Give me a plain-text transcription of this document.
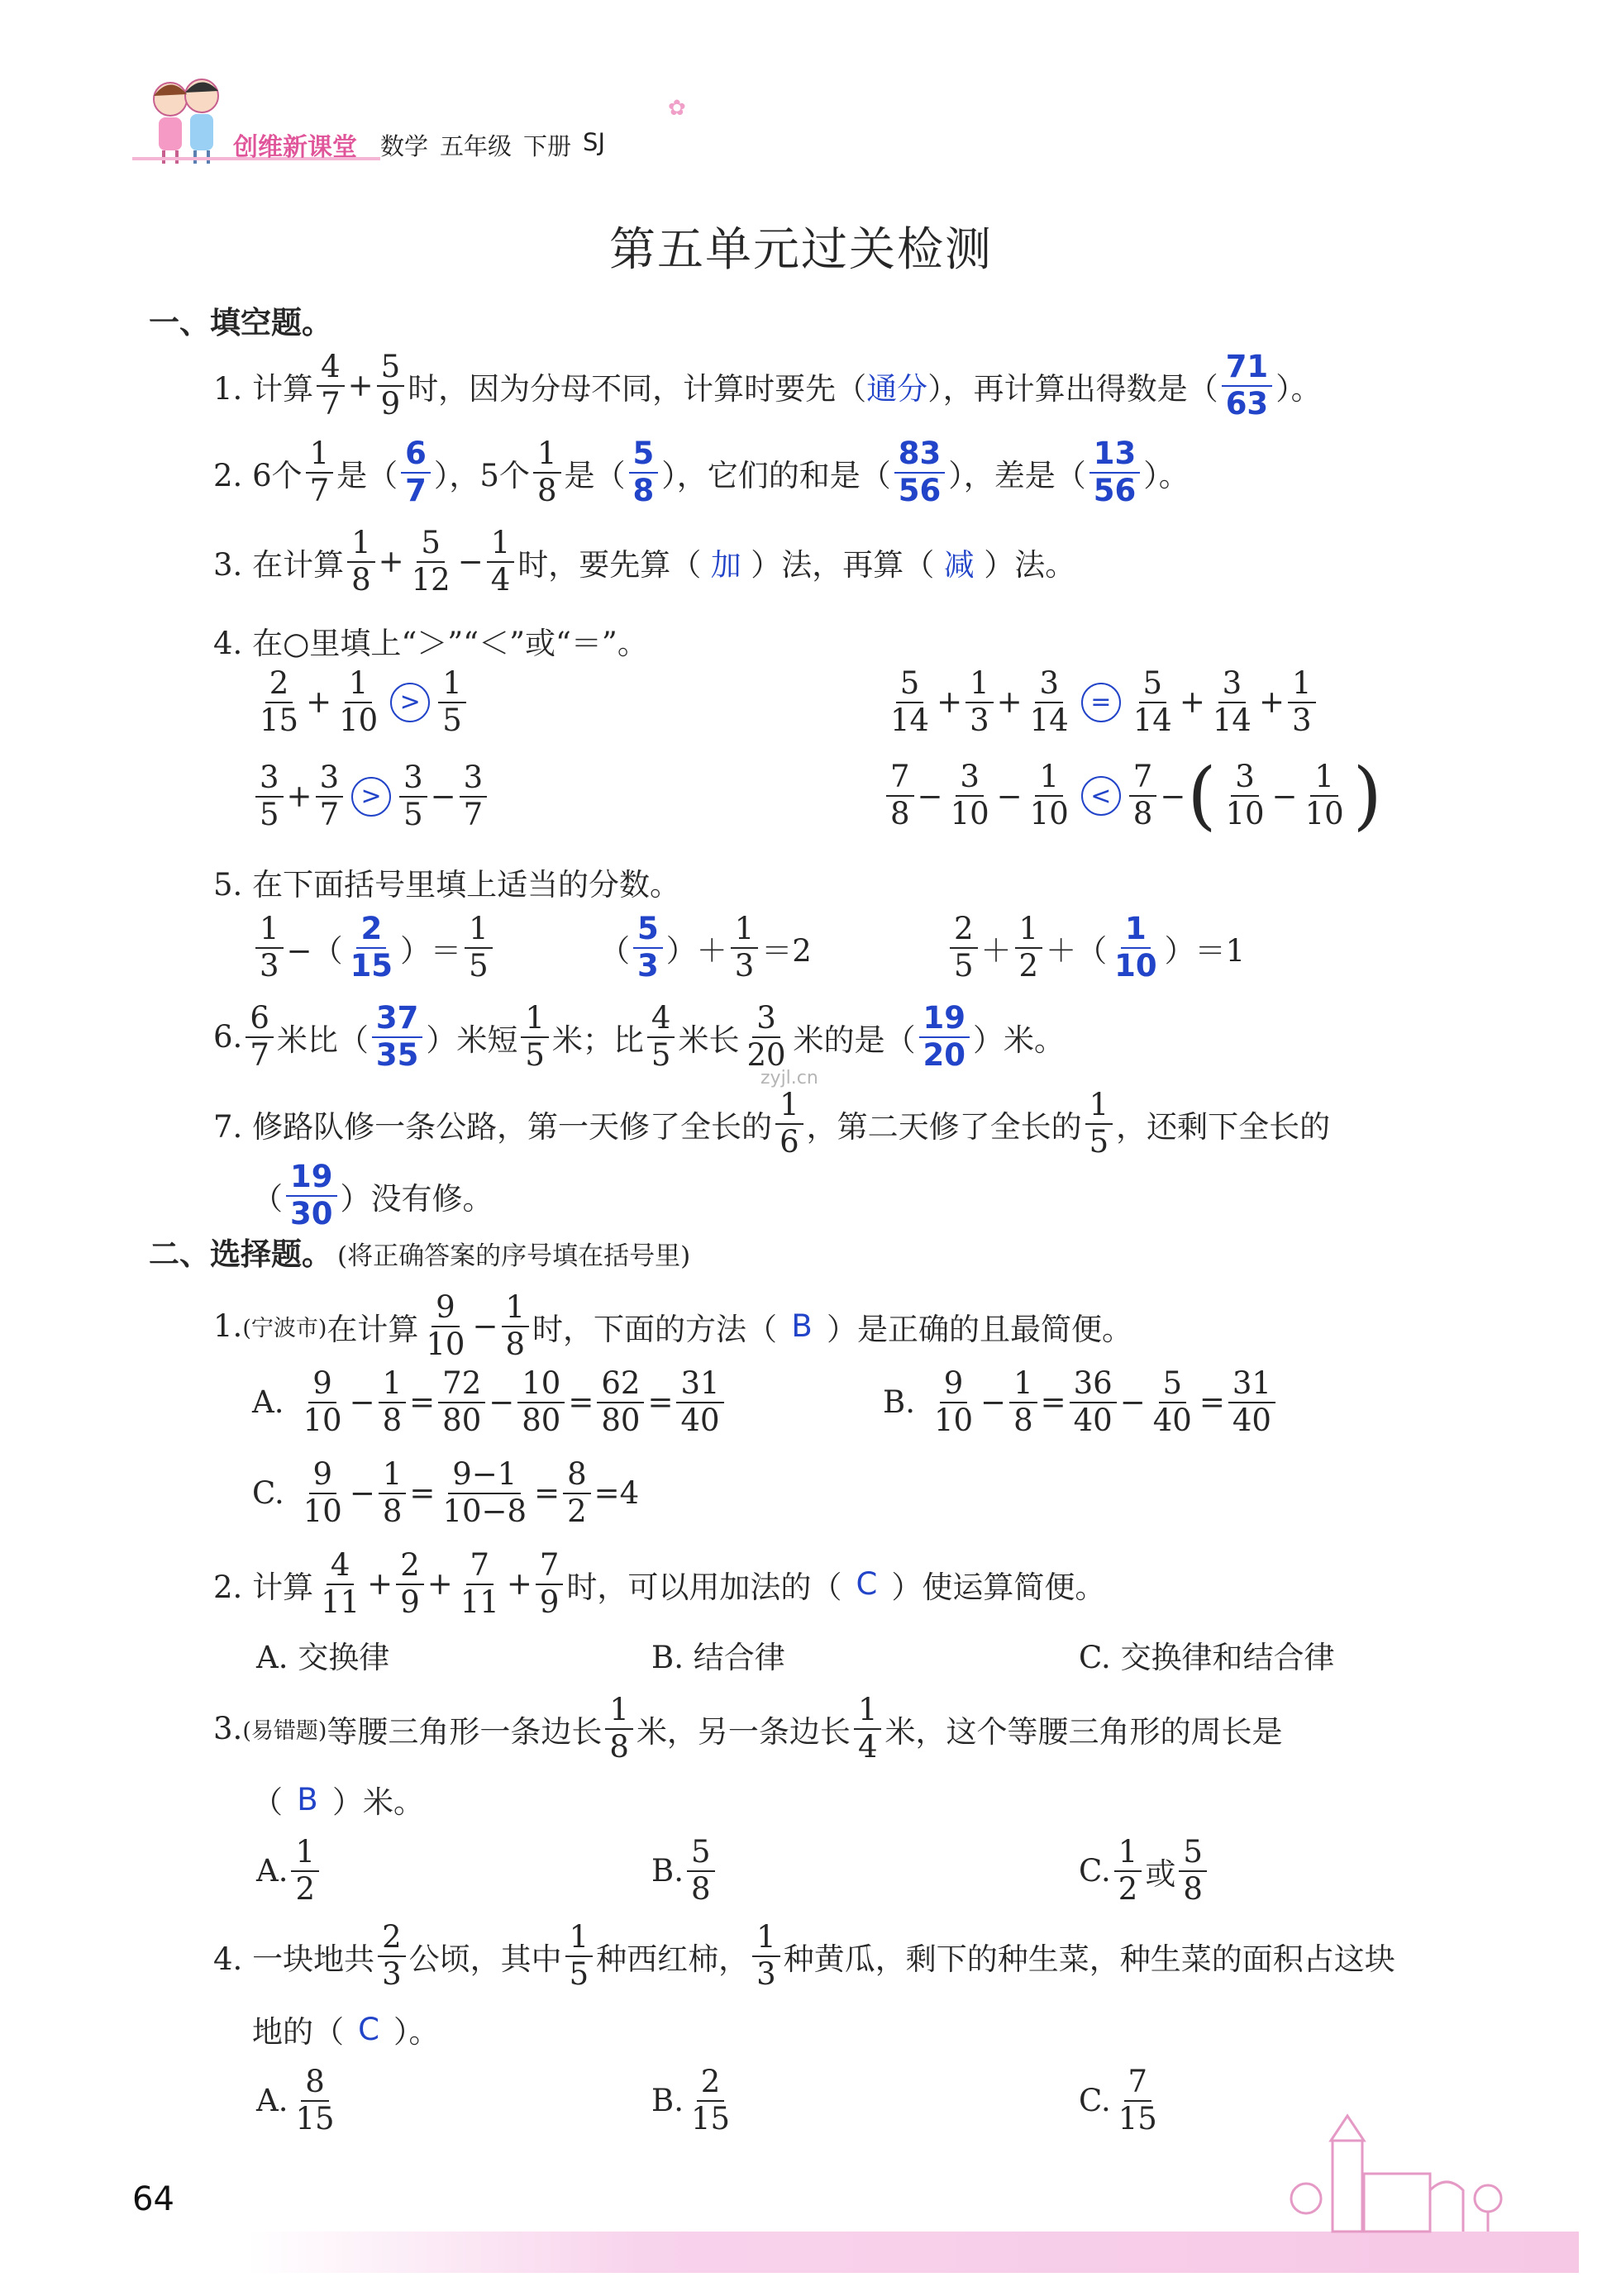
创维新课堂 数学 五年级 下册 SJ
✿
第五单元过关检测
一、填空题。
1. 计算 $\frac{4}{7} + \frac{5}{9}$ 时，因为分母不同，计算时要先（ 通分 ），再计算出得数是（ $\frac{71}{63}$ ）。
2. 6个 $\frac{1}{7}$ 是（ $\frac{6}{7}$ ），5个 $\frac{1}{8}$ 是（ $\frac{5}{8}$ ），它们的和是（ $\frac{83}{56}$ ），差是（ $\frac{13}{56}$ ）。
3. 在计算 $\frac{1}{8} + \frac{5}{12} - \frac{1}{4}$ 时，要先算（ 加 ）法，再算（ 减 ）法。
4. 在○里填上“＞”“＜”或“＝”。
$\frac{2}{15} + \frac{1}{10} > \frac{1}{5}$	$\frac{5}{14} + \frac{1}{3} + \frac{3}{14} = \frac{5}{14} + \frac{3}{14} + \frac{1}{3}$
$\frac{3}{5} + \frac{3}{7} > \frac{3}{5} - \frac{3}{7}$	$\frac{7}{8} - \frac{3}{10} - \frac{1}{10} < \frac{7}{8}$ − ( $\frac{3}{10} - \frac{1}{10}$ )
5. 在下面括号里填上适当的分数。
$\frac{1}{3}$ −（ $\frac{2}{15}$ ）＝ $\frac{1}{5}$	（ $\frac{5}{3}$ ）＋ $\frac{1}{3} =2$	$\frac{2}{5} + \frac{1}{2}$ ＋（ $\frac{1}{10} )=1$
6. $\frac{6}{7}$ 米比（ $\frac{37}{35}$ ）米短 $\frac{1}{5}$ 米；比 $\frac{4}{5}$ 米长 $\frac{3}{20}$ 米的是（ $\frac{19}{20}$ ）米。
zyjl.cn
7. 修路队修一条公路，第一天修了全长的 $\frac{1}{6}$ ，第二天修了全长的 $\frac{1}{5}$ ，还剩下全长的
（ $\frac{19}{30}$ ）没有修。
二、选择题。 (将正确答案的序号填在括号里)
1. (宁波市) 在计算 $\frac{9}{10} - \frac{1}{8}$ 时，下面的方法（ B ）是正确的且最简便。
A. $\frac{9}{10} - \frac{1}{8} = \frac{72}{80} - \frac{10}{80} = \frac{62}{80} = \frac{31}{40}$	B. $\frac{9}{10} - \frac{1}{8} = \frac{36}{40} - \frac{5}{40} = \frac{31}{40}$
C. $\frac{9}{10} - \frac{1}{8} = \frac{9-1}{10-8} = \frac{8}{2} =4$
2. 计算 $\frac{4}{11} + \frac{2}{9} + \frac{7}{11} + \frac{7}{9}$ 时，可以用加法的（ C ）使运算简便。
A. 交换律	B. 结合律	C. 交换律和结合律
3. (易错题) 等腰三角形一条边长 $\frac{1}{8}$ 米，另一条边长 $\frac{1}{4}$ 米，这个等腰三角形的周长是
（ B ）米。
A. $\frac{1}{2}$	B. $\frac{5}{8}$	C. $\frac{1}{2}$ 或 $\frac{5}{8}$
4. 一块地共 $\frac{2}{3}$ 公顷，其中 $\frac{1}{5}$ 种西红柿， $\frac{1}{3}$ 种黄瓜，剩下的种生菜，种生菜的面积占这块
地的（ C ）。
A. $\frac{8}{15}$	B. $\frac{2}{15}$	C. $\frac{7}{15}$
64
